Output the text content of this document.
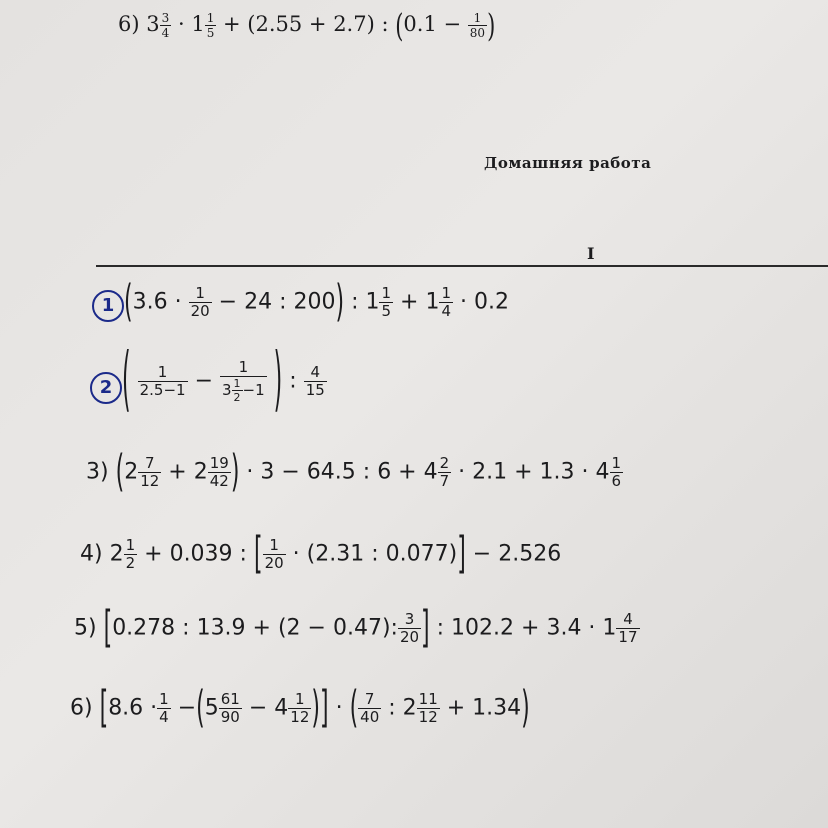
6) $3 \frac{3}{4} \cdot 1 \frac{1}{5} + (2.55 + 2.7)$ : ($0.1 - \frac{1}{80}$ )
Домашняя работа
I
1 ($3.6 \cdot \frac{1}{20} - 24$ : 200) : $1 \frac{1}{5} + 1 \frac{1}{4} \cdot 0.2$
2 ( $\frac{1}{2.5-1} - \frac{1}{3 \frac{1}{2} -1}$ ) : $\frac{4}{15}$
3) ($2 \frac{7}{12} + 2 \frac{19}{42}$ ) · 3 − 64.5 : $6 + 4 \frac{2}{7} \cdot 2.1 + 1.3 \cdot 4 \frac{1}{6}$
4) $2 \frac{1}{2} + 0.039$ : [ $\frac{1}{20} \cdot (2.31$ : 0.077)] − 2.526
5) [0.278 : 13.9 + (2 − 0.47): $\frac{3}{20}$ ] : $102.2 + 3.4 \cdot 1 \frac{4}{17}$
6) [$8.6 \cdot \frac{1}{4} -(5 \frac{61}{90} - 4 \frac{1}{12}$ )] · ( $\frac{7}{40}$ : $2 \frac{11}{12} + 1.34$)
